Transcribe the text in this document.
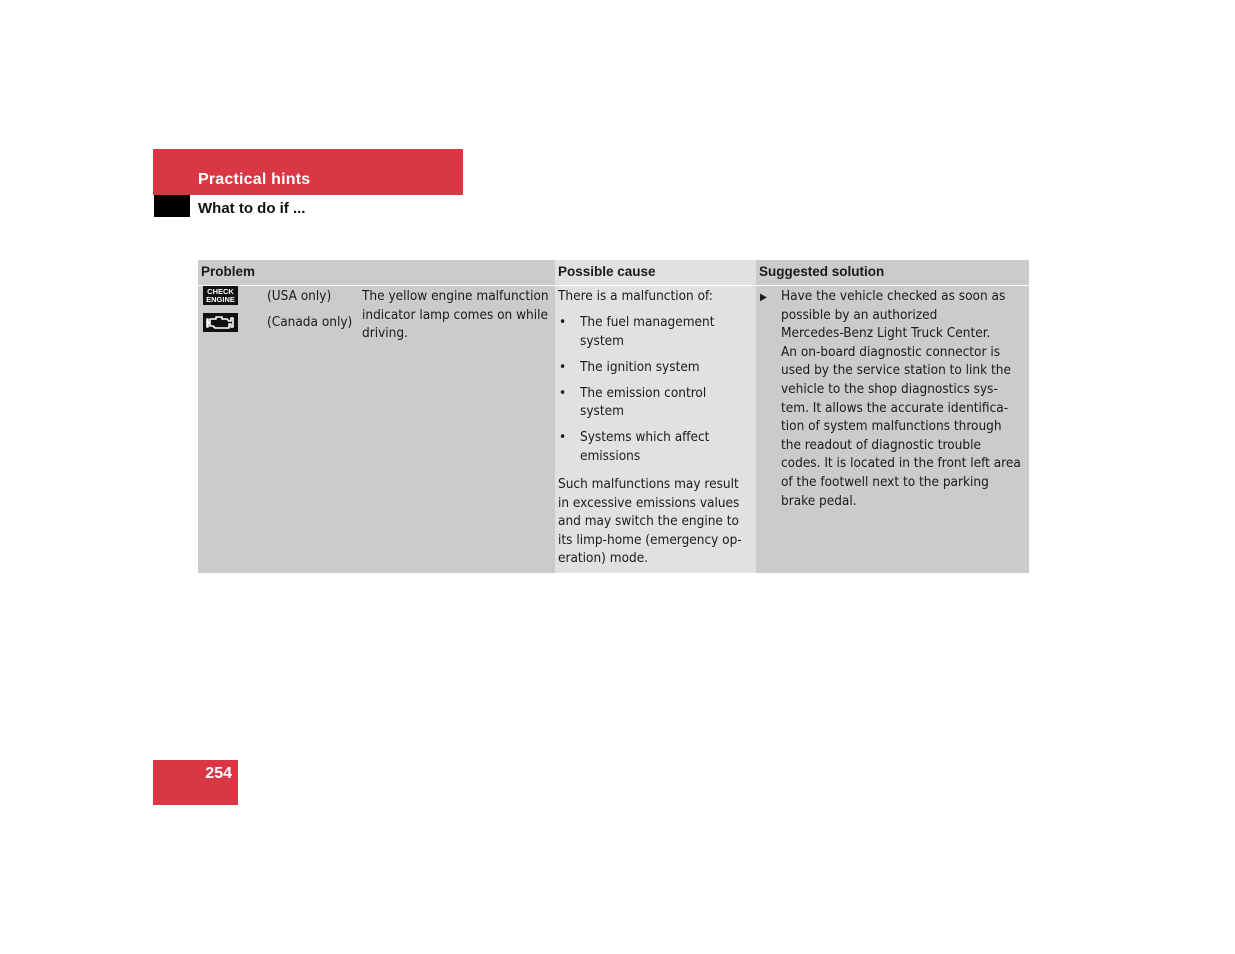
Practical hints

What to do if ...

Problem	Possible cause	Suggested solution
CHECK
ENGINE (USA only)

(Canada only)

The yellow engine malfunction
indicator lamp comes on while
driving.

There is a malfunction of:

• The fuel management
system
• The ignition system
• The emission control
system
• Systems which affect
emissions

Such malfunctions may result
in excessive emissions values
and may switch the engine to
its limp-home (emergency op-
eration) mode.

▶ Have the vehicle checked as soon as
possible by an authorized
Mercedes-Benz Light Truck Center.
An on-board diagnostic connector is
used by the service station to link the
vehicle to the shop diagnostics sys-
tem. It allows the accurate identifica-
tion of system malfunctions through
the readout of diagnostic trouble
codes. It is located in the front left area
of the footwell next to the parking
brake pedal.

254
